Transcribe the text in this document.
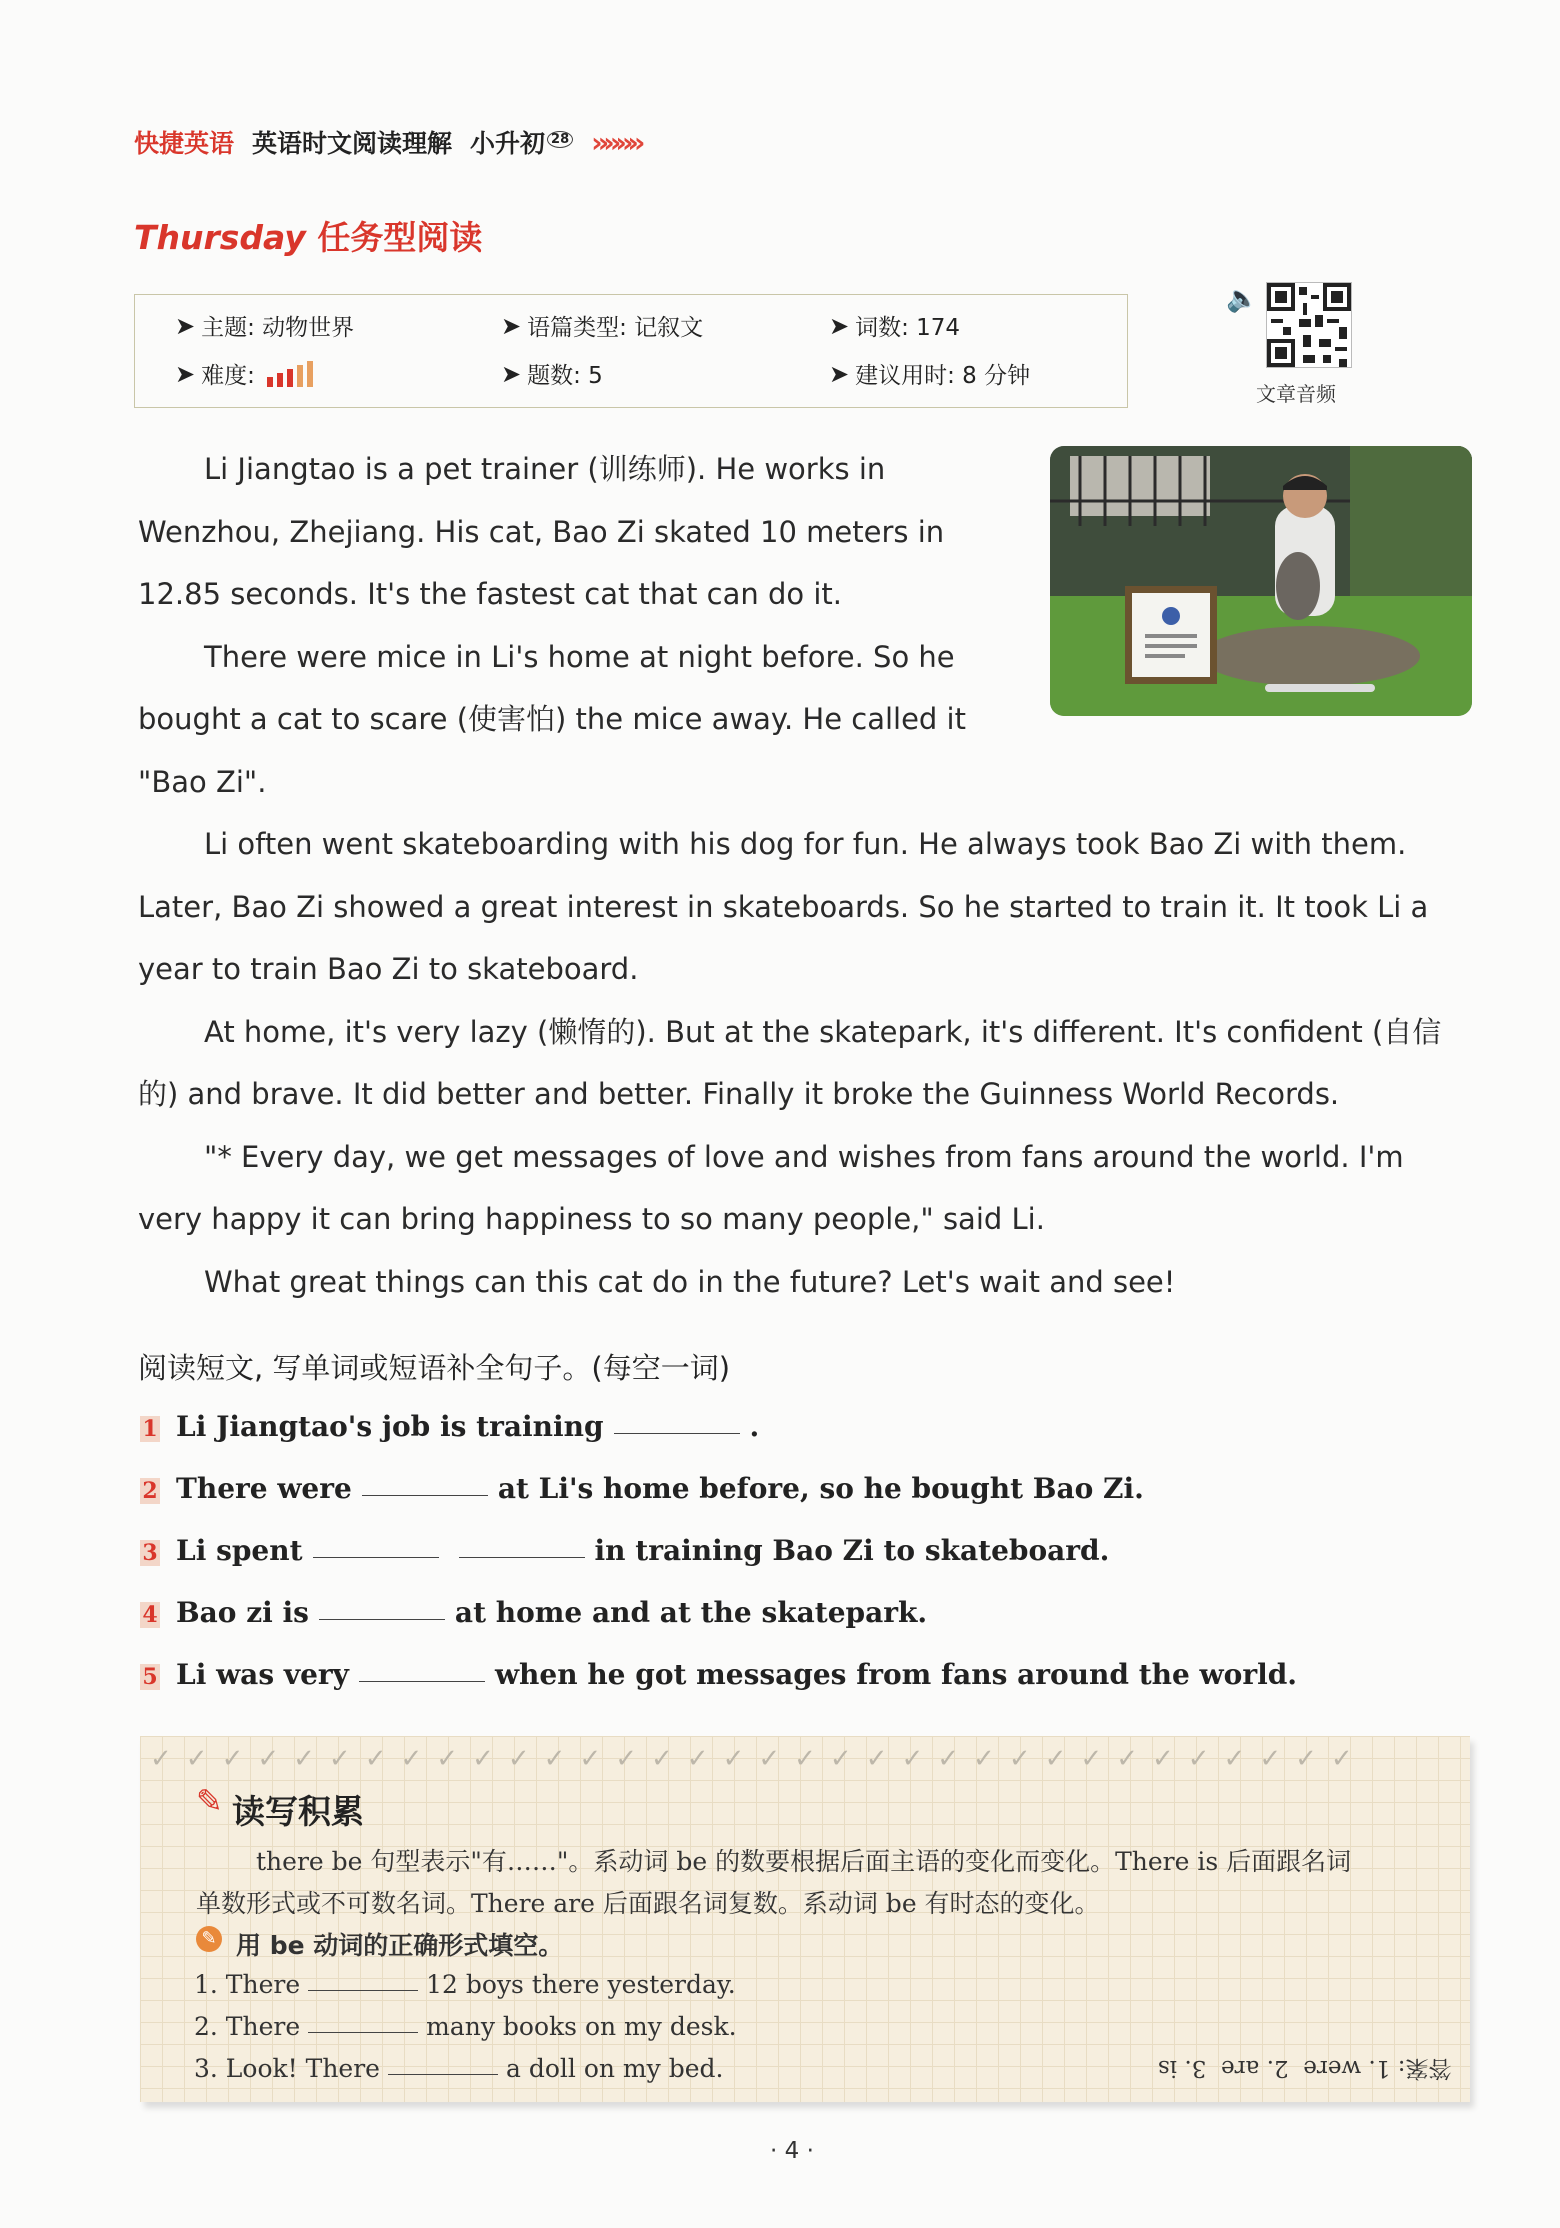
快捷英语 英语时文阅读理解 小升初 $^{28}$ »»»»
Thursday 任务型阅读
➤ 主题: 动物世界	➤ 语篇类型: 记叙文	➤ 词数: 174
➤ 难度:	➤ 题数: 5	➤ 建议用时: 8 分钟
🔈
文章音频

Li Jiangtao is a pet trainer (训练师). He works in Wenzhou, Zhejiang. His cat, Bao Zi skated 10 meters in 12.85 seconds. It's the fastest cat that can do it.

There were mice in Li's home at night before. So he bought a cat to scare (使害怕) the mice away. He called it "Bao Zi".

Li often went skateboarding with his dog for fun. He always took Bao Zi with them. Later, Bao Zi showed a great interest in skateboards. So he started to train it. It took Li a year to train Bao Zi to skateboard.

At home, it's very lazy (懒惰的). But at the skatepark, it's different. It's confident (自信的) and brave. It did better and better. Finally it broke the Guinness World Records.

"* Every day, we get messages of love and wishes from fans around the world. I'm very happy it can bring happiness to so many people," said Li.

What great things can this cat do in the future? Let's wait and see!

阅读短文, 写单词或短语补全句子。(每空一词)
1 Li Jiangtao's job is training	.
2 There were	at Li's home before, so he bought Bao Zi.
3 Li spent	in training Bao Zi to skateboard.
4 Bao zi is	at home and at the skatepark.
5 Li was very	when he got messages from fans around the world.
✓✓✓✓✓✓✓✓✓✓✓✓✓✓✓✓✓✓✓✓✓✓✓✓✓✓✓✓✓✓✓✓✓✓
✎ 读写积累
there be 句型表示"有……"。系动词 be 的数要根据后面主语的变化而变化。There is 后面跟名词
单数形式或不可数名词。There are 后面跟名词复数。系动词 be 有时态的变化。
✎ 用 be 动词的正确形式填空。
1. There	12 boys there yesterday.
2. There	many books on my desk.
3. Look! There	a doll on my bed.	答案: 1. were  2. are  3. is
· 4 ·
